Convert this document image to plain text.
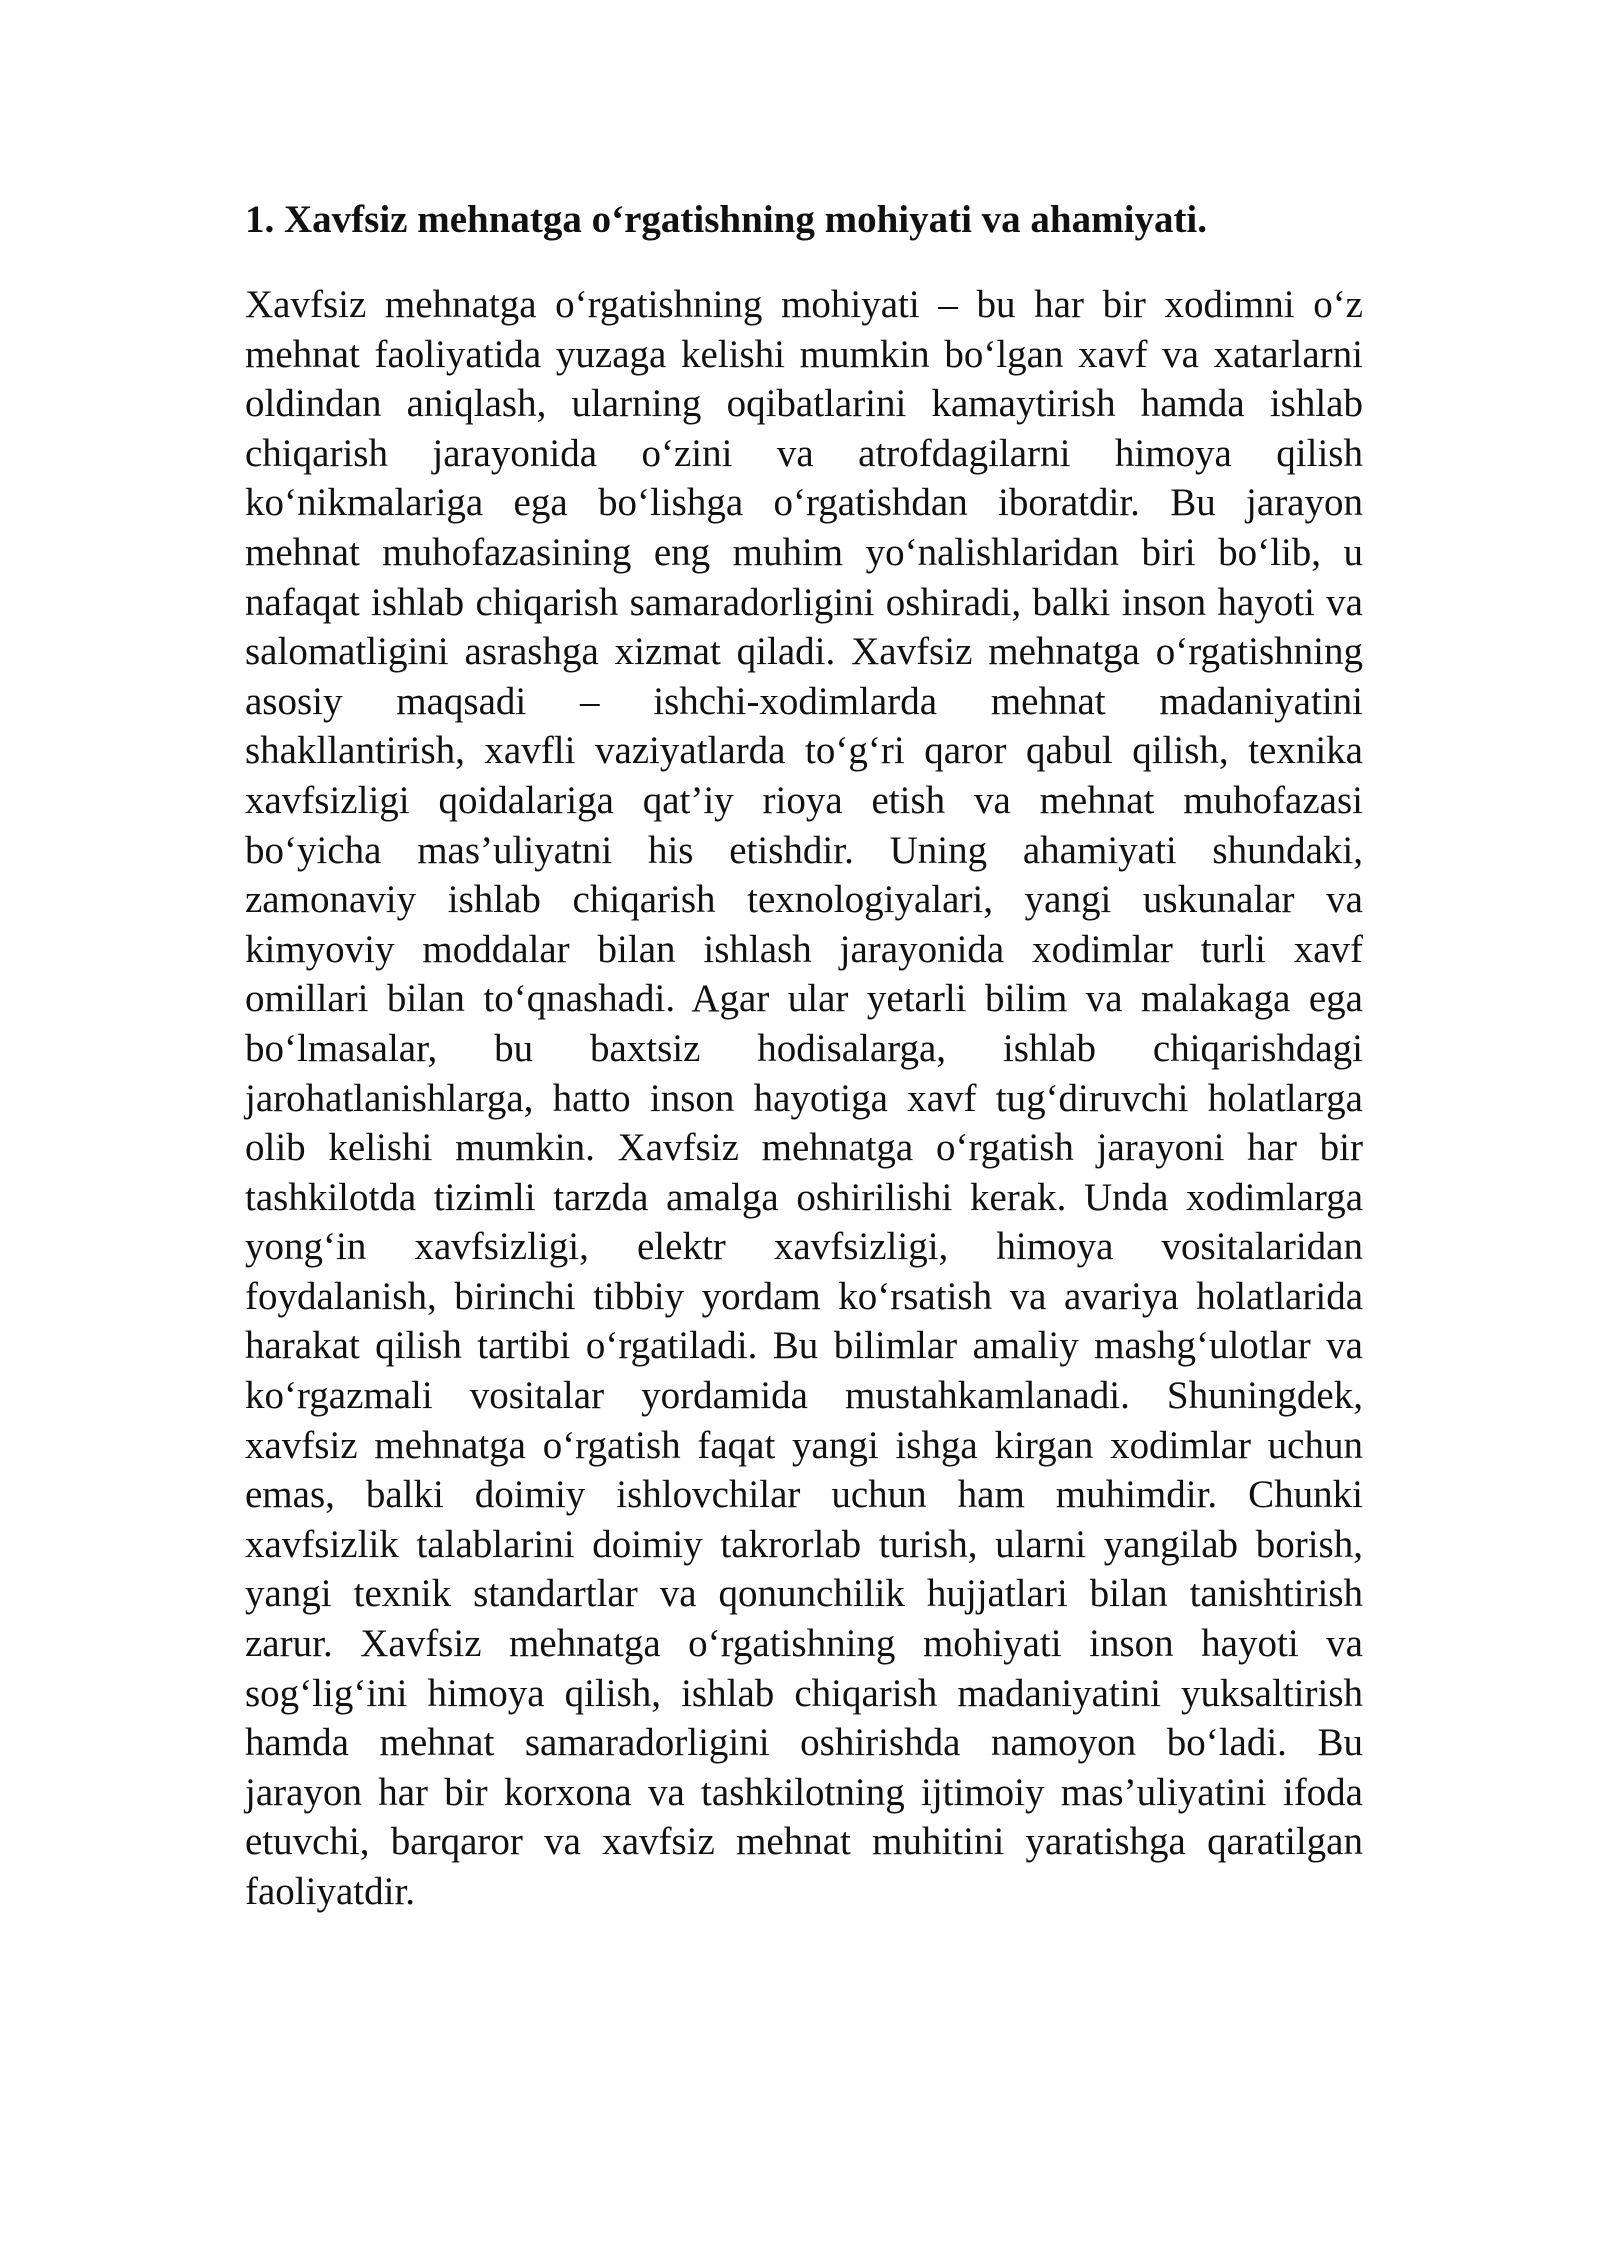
1. Xavfsiz mehnatga o‘rgatishning mohiyati va ahamiyati.

Xavfsiz mehnatga o‘rgatishning mohiyati – bu har bir xodimni o‘z mehnat faoliyatida yuzaga kelishi mumkin bo‘lgan xavf va xatarlarni oldindan aniqlash, ularning oqibatlarini kamaytirish hamda ishlab chiqarish jarayonida o‘zini va atrofdagilarni himoya qilish ko‘nikmalariga ega bo‘lishga o‘rgatishdan iboratdir. Bu jarayon mehnat muhofazasining eng muhim yo‘nalishlaridan biri bo‘lib, u nafaqat ishlab chiqarish samaradorligini oshiradi, balki inson hayoti va salomatligini asrashga xizmat qiladi. Xavfsiz mehnatga o‘rgatishning asosiy maqsadi – ishchi-xodimlarda mehnat madaniyatini shakllantirish, xavfli vaziyatlarda to‘g‘ri qaror qabul qilish, texnika xavfsizligi qoidalariga qat’iy rioya etish va mehnat muhofazasi bo‘yicha mas’uliyatni his etishdir. Uning ahamiyati shundaki, zamonaviy ishlab chiqarish texnologiyalari, yangi uskunalar va kimyoviy moddalar bilan ishlash jarayonida xodimlar turli xavf omillari bilan to‘qnashadi. Agar ular yetarli bilim va malakaga ega bo‘lmasalar, bu baxtsiz hodisalarga, ishlab chiqarishdagi jarohatlanishlarga, hatto inson hayotiga xavf tug‘diruvchi holatlarga olib kelishi mumkin. Xavfsiz mehnatga o‘rgatish jarayoni har bir tashkilotda tizimli tarzda amalga oshirilishi kerak. Unda xodimlarga yong‘in xavfsizligi, elektr xavfsizligi, himoya vositalaridan foydalanish, birinchi tibbiy yordam ko‘rsatish va avariya holatlarida harakat qilish tartibi o‘rgatiladi. Bu bilimlar amaliy mashg‘ulotlar va ko‘rgazmali vositalar yordamida mustahkamlanadi. Shuningdek, xavfsiz mehnatga o‘rgatish faqat yangi ishga kirgan xodimlar uchun emas, balki doimiy ishlovchilar uchun ham muhimdir. Chunki xavfsizlik talablarini doimiy takrorlab turish, ularni yangilab borish, yangi texnik standartlar va qonunchilik hujjatlari bilan tanishtirish zarur. Xavfsiz mehnatga o‘rgatishning mohiyati inson hayoti va sog‘lig‘ini himoya qilish, ishlab chiqarish madaniyatini yuksaltirish hamda mehnat samaradorligini oshirishda namoyon bo‘ladi. Bu jarayon har bir korxona va tashkilotning ijtimoiy mas’uliyatini ifoda etuvchi, barqaror va xavfsiz mehnat muhitini yaratishga qaratilgan faoliyatdir.
